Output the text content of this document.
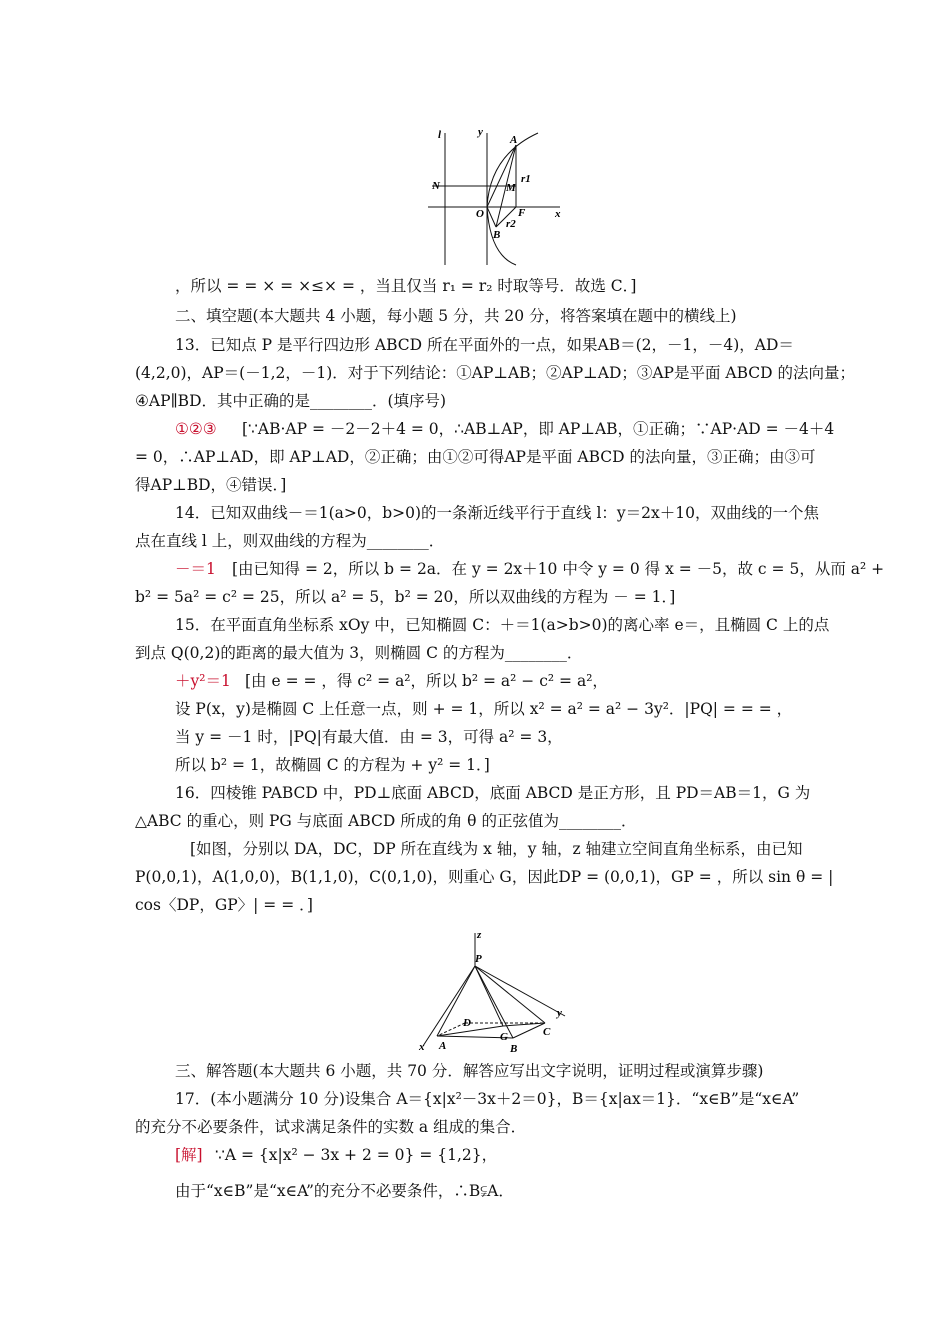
l	y
A
N	M
r1
O	F	x
B
r2
，所以 = = × = ×≤× = ，当且仅当 r₁ = r₂ 时取等号．故选 C．]
二、填空题(本大题共 4 小题，每小题 5 分，共 20 分，将答案填在题中的横线上)
13．已知点 P 是平行四边形 ABCD 所在平面外的一点，如果AB＝(2，－1，－4)，AD＝
(4,2,0)，AP＝(－1,2，－1)．对于下列结论：①AP⊥AB；②AP⊥AD；③AP是平面 ABCD 的法向量；
④AP∥BD．其中正确的是________．(填序号)
①②③ [∵AB·AP = －2－2＋4 = 0，∴AB⊥AP，即 AP⊥AB，①正确；∵AP·AD = －4＋4
= 0，∴AP⊥AD，即 AP⊥AD，②正确；由①②可得AP是平面 ABCD 的法向量，③正确；由③可
得AP⊥BD，④错误．]
14．已知双曲线－＝1(a>0，b>0)的一条渐近线平行于直线 l：y＝2x＋10，双曲线的一个焦
点在直线 l 上，则双曲线的方程为________．
－＝1 [由已知得 = 2，所以 b = 2a．在 y = 2x＋10 中令 y = 0 得 x = －5，故 c = 5，从而 a² +
b² = 5a² = c² = 25，所以 a² = 5，b² = 20，所以双曲线的方程为 － = 1．]
15．在平面直角坐标系 xOy 中，已知椭圆 C：＋＝1(a>b>0)的离心率 e＝，且椭圆 C 上的点
到点 Q(0,2)的距离的最大值为 3，则椭圆 C 的方程为________．
＋y²＝1 [由 e = = ，得 c² = a²，所以 b² = a² − c² = a²，
设 P(x，y)是椭圆 C 上任意一点，则 + = 1，所以 x² = a² = a² − 3y²．|PQ| = = = ，
当 y = －1 时，|PQ|有最大值．由 = 3，可得 a² = 3，
所以 b² = 1，故椭圆 C 的方程为 + y² = 1．]
16．四棱锥 PABCD 中，PD⊥底面 ABCD，底面 ABCD 是正方形，且 PD＝AB＝1，G 为
△ABC 的重心，则 PG 与底面 ABCD 所成的角 θ 的正弦值为________．
[如图，分别以 DA，DC，DP 所在直线为 x 轴，y 轴，z 轴建立空间直角坐标系，由已知
P(0,0,1)，A(1,0,0)，B(1,1,0)，C(0,1,0)，则重心 G，因此DP = (0,0,1)，GP = ，所以 sin θ = |
cos〈DP，GP〉| = = ．]
三、解答题(本大题共 6 小题，共 70 分．解答应写出文字说明，证明过程或演算步骤)
17．(本小题满分 10 分)设集合 A＝{x|x²－3x＋2＝0}，B＝{x|ax＝1}．“x∈B”是“x∈A”
的充分不必要条件，试求满足条件的实数 a 组成的集合．
[解] ∵A = {x|x² − 3x + 2 = 0} = {1,2}，
由于“x∈B”是“x∈A”的充分不必要条件，∴B⫋A．
z
P
y
D
G	C
x A	B
